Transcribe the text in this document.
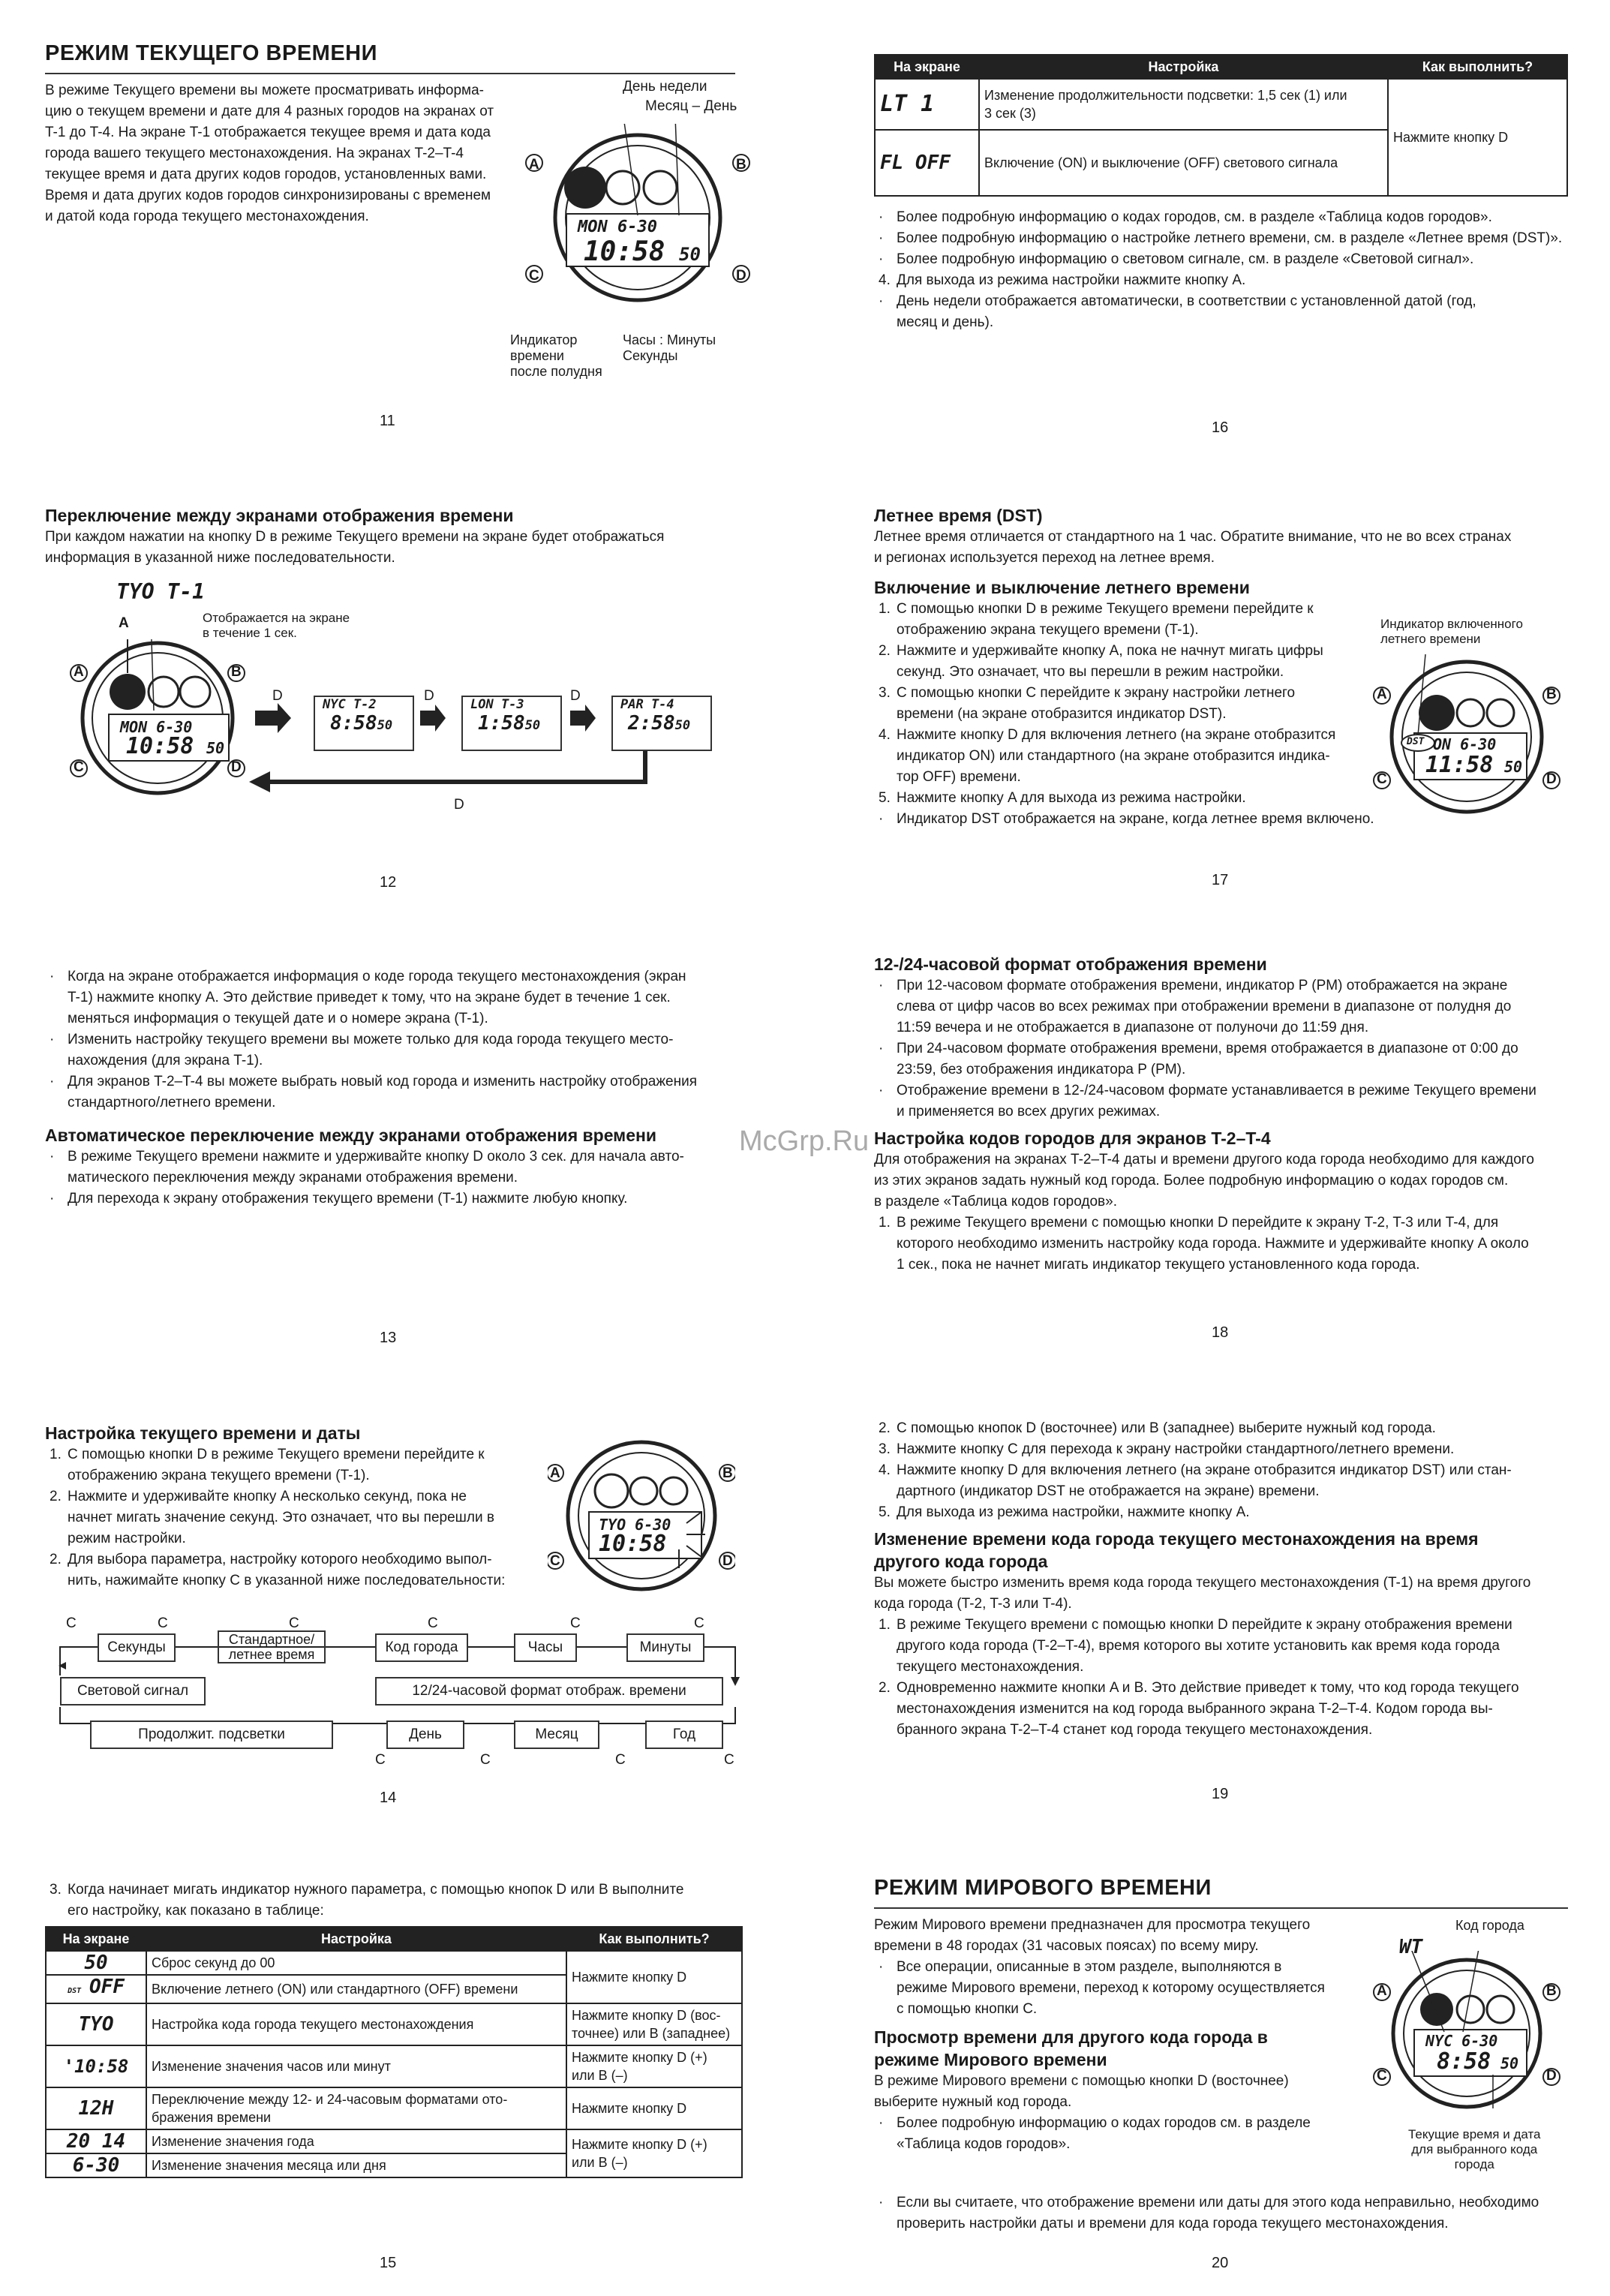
РЕЖИМ ТЕКУЩЕГО ВРЕМЕНИ

В режиме Текущего времени вы можете просматривать информа-

цию о текущем времени и дате для 4 разных городов на экранах от

T-1 до T-4. На экране T-1 отображается текущее время и дата кода

города вашего текущего местонахождения. На экранах T-2–T-4

текущее время и дата других кодов городов, установленных вами.

Время и дата других кодов городов синхронизированы с временем

и датой кода города текущего местонахождения.

День недели
Месяц – День
A	B
C	D
MON 6-30
10:58 50
Индикатор
времени
после полудня
Часы : Минуты
Секунды
11
На экране	Настройка	Как выполнить?
LT 1	Изменение продолжительности подсветки: 1,5 сек (1) или
3 сек (3)	Нажмите кнопку D
FL OFF	Включение (ON) и выключение (OFF) светового сигнала	
· Более подробную информацию о кодах городов, см. в разделе «Таблица кодов городов».
· Более подробную информацию о настройке летнего времени, см. в разделе «Летнее время (DST)».
· Более подробную информацию о световом сигнале, см. в разделе «Световой сигнал».
4. Для выхода из режима настройки нажмите кнопку A.
· День недели отображается автоматически, в соответствии с установленной датой (год,
месяц и день).
16
Переключение между экранами отображения времени

При каждом нажатии на кнопку D в режиме Текущего времени на экране будет отображаться

информация в указанной ниже последовательности.

TYO T-1
Отображается на экране
в течение 1 сек.
A
A
B
C	D
MON 6-30
10:58 50
D	D	D
D
NYC T-2
8:5850
LON T-3
1:5850
PAR T-4
2:5850
12
Летнее время (DST)

Летнее время отличается от стандартного на 1 час. Обратите внимание, что не во всех странах

и регионах используется переход на летнее время.

Включение и выключение летнего времени
1. С помощью кнопки D в режиме Текущего времени перейдите к
отображению экрана текущего времени (T-1).
2. Нажмите и удерживайте кнопку A, пока не начнут мигать цифры
секунд. Это означает, что вы перешли в режим настройки.
3. С помощью кнопки C перейдите к экрану настройки летнего
времени (на экране отобразится индикатор DST).
4. Нажмите кнопку D для включения летнего (на экране отобразится
индикатор ON) или стандартного (на экране отобразится индика-
тор OFF) времени.
5. Нажмите кнопку A для выхода из режима настройки.
· Индикатор DST отображается на экране, когда летнее время включено.
Индикатор включенного
летнего времени
A	B
C	D
DST ON 6-30
11:58 50
17
· Когда на экране отображается информация о коде города текущего местонахождения (экран
T-1) нажмите кнопку A. Это действие приведет к тому, что на экране будет в течение 1 сек.
меняться информация о текущей дате и о номере экрана (T-1).
· Изменить настройку текущего времени вы можете только для кода города текущего место-
нахождения (для экрана T-1).
· Для экранов T-2–T-4 вы можете выбрать новый код города и изменить настройку отображения
стандартного/летнего времени.
Автоматическое переключение между экранами отображения времени
· В режиме Текущего времени нажмите и удерживайте кнопку D около 3 сек. для начала авто-
матического переключения между экранами отображения времени.
· Для перехода к экрану отображения текущего времени (T-1) нажмите любую кнопку.
13
12-/24-часовой формат отображения времени
· При 12-часовом формате отображения времени, индикатор P (PM) отображается на экране
слева от цифр часов во всех режимах при отображении времени в диапазоне от полудня до
11:59 вечера и не отображается в диапазоне от полуночи до 11:59 дня.
· При 24-часовом формате отображения времени, время отображается в диапазоне от 0:00 до
23:59, без отображения индикатора P (PM).
· Отображение времени в 12-/24-часовом формате устанавливается в режиме Текущего времени
и применяется во всех других режимах.
Настройка кодов городов для экранов T-2–T-4

Для отображения на экранах T-2–T-4 даты и времени другого кода города необходимо для каждого

из этих экранов задать нужный код города. Более подробную информацию о кодах городов см.

в разделе «Таблица кодов городов».

1. В режиме Текущего времени с помощью кнопки D перейдите к экрану T-2, T-3 или T-4, для
которого необходимо изменить настройку кода города. Нажмите и удерживайте кнопку A около
1 сек., пока не начнет мигать индикатор текущего установленного кода города.
18
McGrp.Ru
Настройка текущего времени и даты
1. С помощью кнопки D в режиме Текущего времени перейдите к
отображению экрана текущего времени (T-1).
2. Нажмите и удерживайте кнопку A несколько секунд, пока не
начнет мигать значение секунд. Это означает, что вы перешли в
режим настройки.
2. Для выбора параметра, настройку которого необходимо выпол-
нить, нажимайте кнопку C в указанной ниже последовательности:
A	B
C	D
TYO 6-30
10:58
C	C	C	C	C	C
Секунды	Стандартное/
летнее время	Код города	Часы	Минуты
Световой сигнал	12/24-часовой формат отображ. времени
Продолжит. подсветки	День	Месяц	Год
C	C	C	C
14
2. С помощью кнопок D (восточнее) или B (западнее) выберите нужный код города.
3. Нажмите кнопку C для перехода к экрану настройки стандартного/летнего времени.
4. Нажмите кнопку D для включения летнего (на экране отобразится индикатор DST) или стан-
дартного (индикатор DST не отображается на экране) времени.
5. Для выхода из режима настройки, нажмите кнопку A.
Изменение времени кода города текущего местонахождения на время
другого кода города

Вы можете быстро изменить время кода города текущего местонахождения (T-1) на время другого

кода города (T-2, T-3 или T-4).

1. В режиме Текущего времени с помощью кнопки D перейдите к экрану отображения времени
другого кода города (T-2–T-4), время которого вы хотите установить как время кода города
текущего местонахождения.
2. Одновременно нажмите кнопки A и B. Это действие приведет к тому, что код города текущего
местонахождения изменится на код города выбранного экрана T-2–T-4. Кодом города вы-
бранного экрана T-2–T-4 станет код города текущего местонахождения.
19
3. Когда начинает мигать индикатор нужного параметра, с помощью кнопок D или B выполните
его настройку, как показано в таблице:
На экране	Настройка	Как выполнить?
50	Сброс секунд до 00	Нажмите кнопку D
DST OFF	Включение летнего (ON) или стандартного (OFF) времени	
TYO	Настройка кода города текущего местонахождения	Нажмите кнопку D (вос-
точнее) или B (западнее)

'10:58	Изменение значения часов или минут	Нажмите кнопку D (+)
или B (–)

12H	Переключение между 12- и 24-часовым форматами ото-
бражения времени	Нажмите кнопку D
20 14	Изменение значения года	Нажмите кнопку D (+)
или B (–)

6-30	Изменение значения месяца или дня	
15
РЕЖИМ МИРОВОГО ВРЕМЕНИ

Режим Мирового времени предназначен для просмотра текущего

времени в 48 городах (31 часовых поясах) по всему миру.

· Все операции, описанные в этом разделе, выполняются в
режиме Мирового времени, переход к которому осуществляется
с помощью кнопки C.
Просмотр времени для другого кода города в
режиме Мирового времени

В режиме Мирового времени с помощью кнопки D (восточнее)

выберите нужный код города.

· Более подробную информацию о кодах городов см. в разделе
«Таблица кодов городов».
· Если вы считаете, что отображение времени или даты для этого кода неправильно, необходимо
проверить настройки даты и времени для кода города текущего местонахождения.
WT
Код города
A	B
C	D
NYC 6-30
8:58 50
Текущие время и дата
для выбранного кода
города
20
